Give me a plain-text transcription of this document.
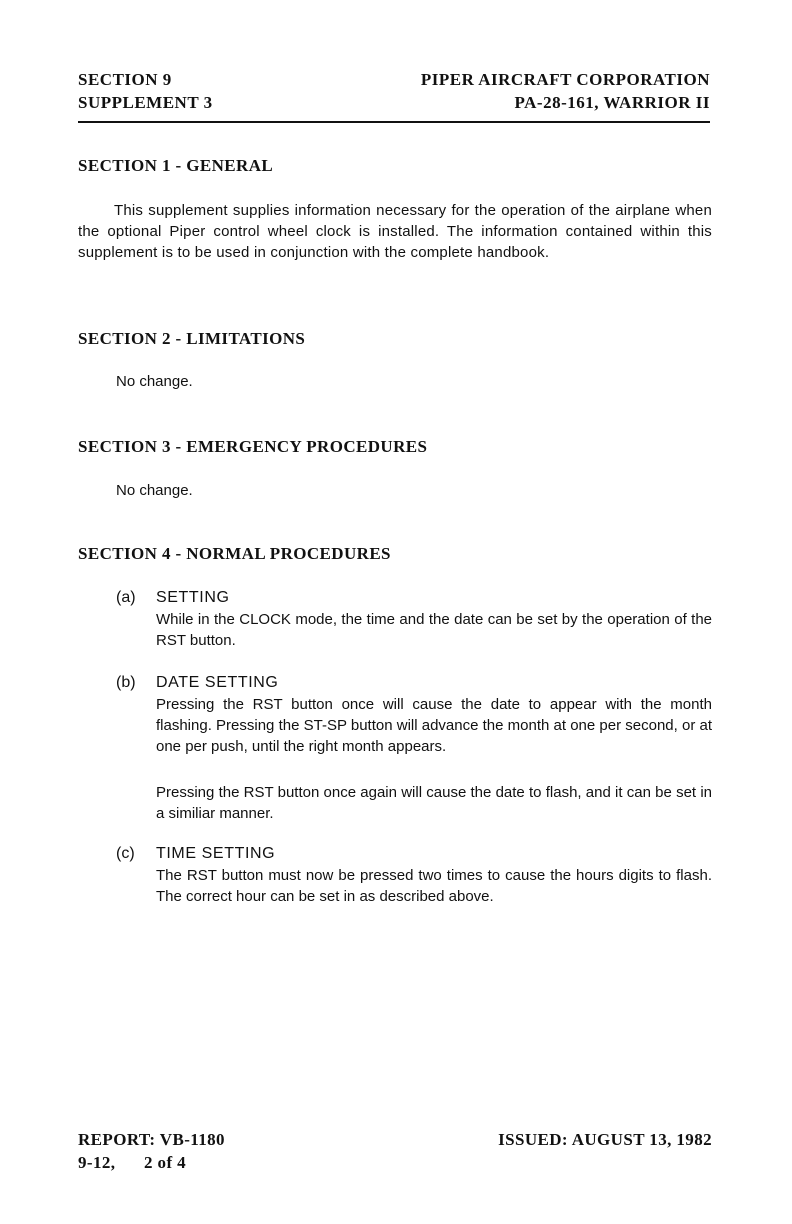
SECTION 9
SUPPLEMENT 3
PIPER AIRCRAFT CORPORATION
PA-28-161, WARRIOR II
SECTION 1 - GENERAL
This supplement supplies information necessary for the operation of the airplane when the optional Piper control wheel clock is installed. The information contained within this supplement is to be used in conjunction with the complete handbook.
SECTION 2 - LIMITATIONS
No change.
SECTION 3 - EMERGENCY PROCEDURES
No change.
SECTION 4 - NORMAL PROCEDURES
(a) SETTING
While in the CLOCK mode, the time and the date can be set by the operation of the RST button.
(b) DATE SETTING
Pressing the RST button once will cause the date to appear with the month flashing. Pressing the ST-SP button will advance the month at one per second, or at one per push, until the right month appears.
Pressing the RST button once again will cause the date to flash, and it can be set in a similiar manner.
(c) TIME SETTING
The RST button must now be pressed two times to cause the hours digits to flash. The correct hour can be set in as described above.
REPORT: VB-1180
9-12, 2 of 4
ISSUED: AUGUST 13, 1982
